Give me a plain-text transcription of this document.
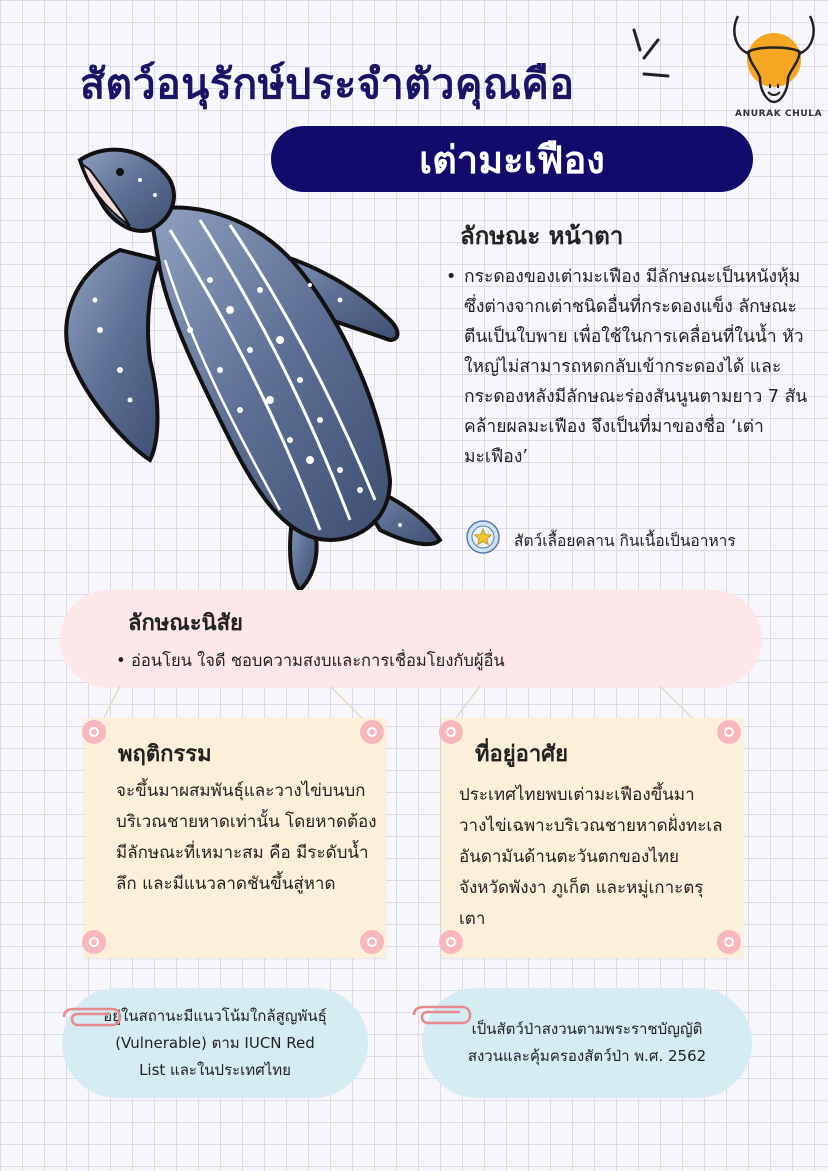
สัตว์อนุรักษ์ประจำตัวคุณคือ
ANURAK CHULA
เต่ามะเฟือง
ลักษณะ หน้าตา
• กระดองของเต่ามะเฟือง มีลักษณะเป็นหนังหุ้ม ซึ่งต่างจากเต่าชนิดอื่นที่กระดองแข็ง ลักษณะตีนเป็นใบพาย เพื่อใช้ในการเคลื่อนที่ในน้ำ หัวใหญ่ไม่สามารถหดกลับเข้ากระดองได้ และกระดองหลังมีลักษณะร่องสันนูนตามยาว 7 สัน คล้ายผลมะเฟือง จึงเป็นที่มาของชื่อ ‘เต่ามะเฟือง’
สัตว์เลื้อยคลาน กินเนื้อเป็นอาหาร
ลักษณะนิสัย
• อ่อนโยน ใจดี ชอบความสงบและการเชื่อมโยงกับผู้อื่น
พฤติกรรม
จะขึ้นมาผสมพันธุ์และวางไข่บนบกบริเวณชายหาดเท่านั้น โดยหาดต้องมีลักษณะที่เหมาะสม คือ มีระดับน้ำลึก และมีแนวลาดชันขึ้นสู่หาด
ที่อยู่อาศัย
ประเทศไทยพบเต่ามะเฟืองขึ้นมาวางไข่เฉพาะบริเวณชายหาดฝั่งทะเลอันดามันด้านตะวันตกของไทย จังหวัดพังงา ภูเก็ต และหมู่เกาะตรุเตา
อยู่ในสถานะมีแนวโน้มใกล้สูญพันธุ์ (Vulnerable) ตาม IUCN Red List และในประเทศไทย
เป็นสัตว์ป่าสงวนตามพระราชบัญญัติสงวนและคุ้มครองสัตว์ป่า พ.ศ. 2562
